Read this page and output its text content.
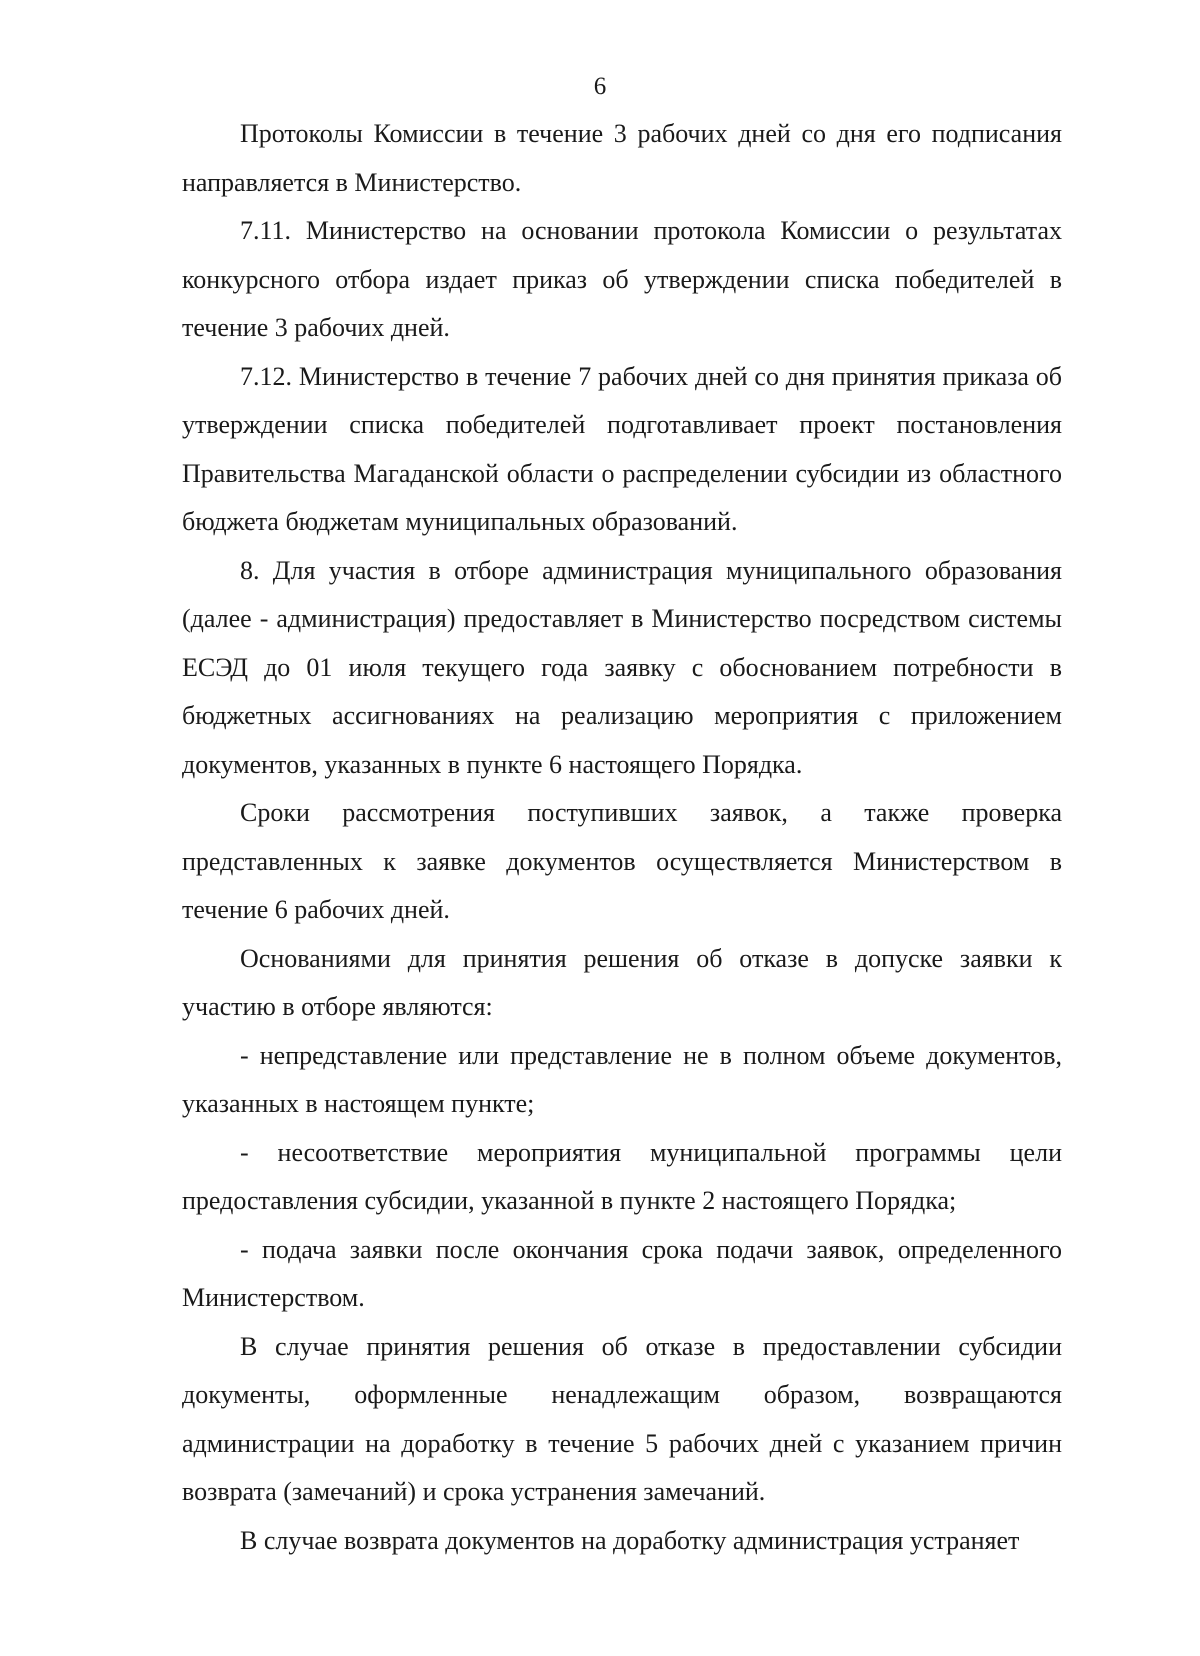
6

Протоколы Комиссии в течение 3 рабочих дней со дня его подписания направляется в Министерство.

7.11. Министерство на основании протокола Комиссии о результатах конкурсного отбора издает приказ об утверждении списка победителей в течение 3 рабочих дней.

7.12. Министерство в течение 7 рабочих дней со дня принятия приказа об утверждении списка победителей подготавливает проект постановления Правительства Магаданской области о распределении субсидии из областного бюджета бюджетам муниципальных образований.

8. Для участия в отборе администрация муниципального образования (далее - администрация) предоставляет в Министерство посредством системы ЕСЭД до 01 июля текущего года заявку с обоснованием потребности в бюджетных ассигнованиях на реализацию мероприятия с приложением документов, указанных в пункте 6 настоящего Порядка.

Сроки рассмотрения поступивших заявок, а также проверка представленных к заявке документов осуществляется Министерством в течение 6 рабочих дней.

Основаниями для принятия решения об отказе в допуске заявки к участию в отборе являются:

- непредставление или представление не в полном объеме документов, указанных в настоящем пункте;

- несоответствие мероприятия муниципальной программы цели предоставления субсидии, указанной в пункте 2 настоящего Порядка;

- подача заявки после окончания срока подачи заявок, определенного Министерством.

В случае принятия решения об отказе в предоставлении субсидии документы, оформленные ненадлежащим образом, возвращаются администрации на доработку в течение 5 рабочих дней с указанием причин возврата (замечаний) и срока устранения замечаний.

В случае возврата документов на доработку администрация устраняет
